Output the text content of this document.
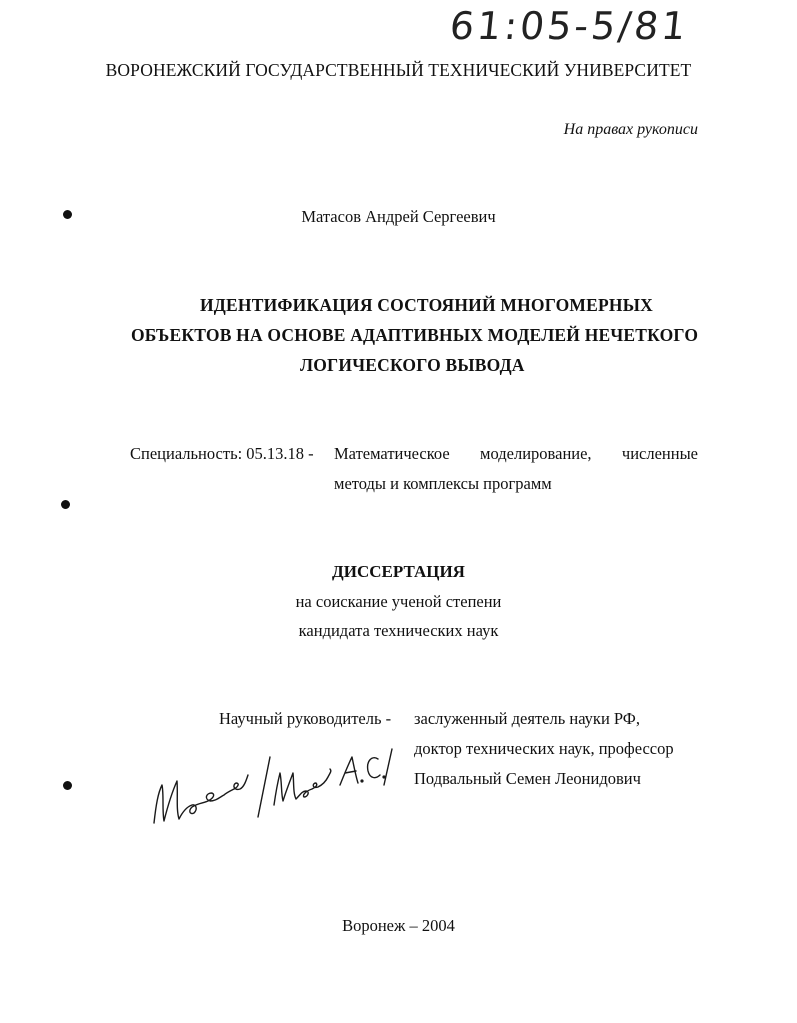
61:05-5/81
ВОРОНЕЖСКИЙ ГОСУДАРСТВЕННЫЙ ТЕХНИЧЕСКИЙ УНИВЕРСИТЕТ
На правах рукописи
Матасов Андрей Сергеевич
ИДЕНТИФИКАЦИЯ СОСТОЯНИЙ МНОГОМЕРНЫХ
ОБЪЕКТОВ НА ОСНОВЕ АДАПТИВНЫХ МОДЕЛЕЙ НЕЧЕТКОГО
ЛОГИЧЕСКОГО ВЫВОДА
Специальность: 05.13.18 - Математическое моделирование, численные
методы и комплексы программ
ДИССЕРТАЦИЯ
на соискание ученой степени
кандидата технических наук
Научный руководитель - заслуженный деятель науки РФ,
доктор технических наук, профессор
Подвальный Семен Леонидович
Воронеж – 2004
